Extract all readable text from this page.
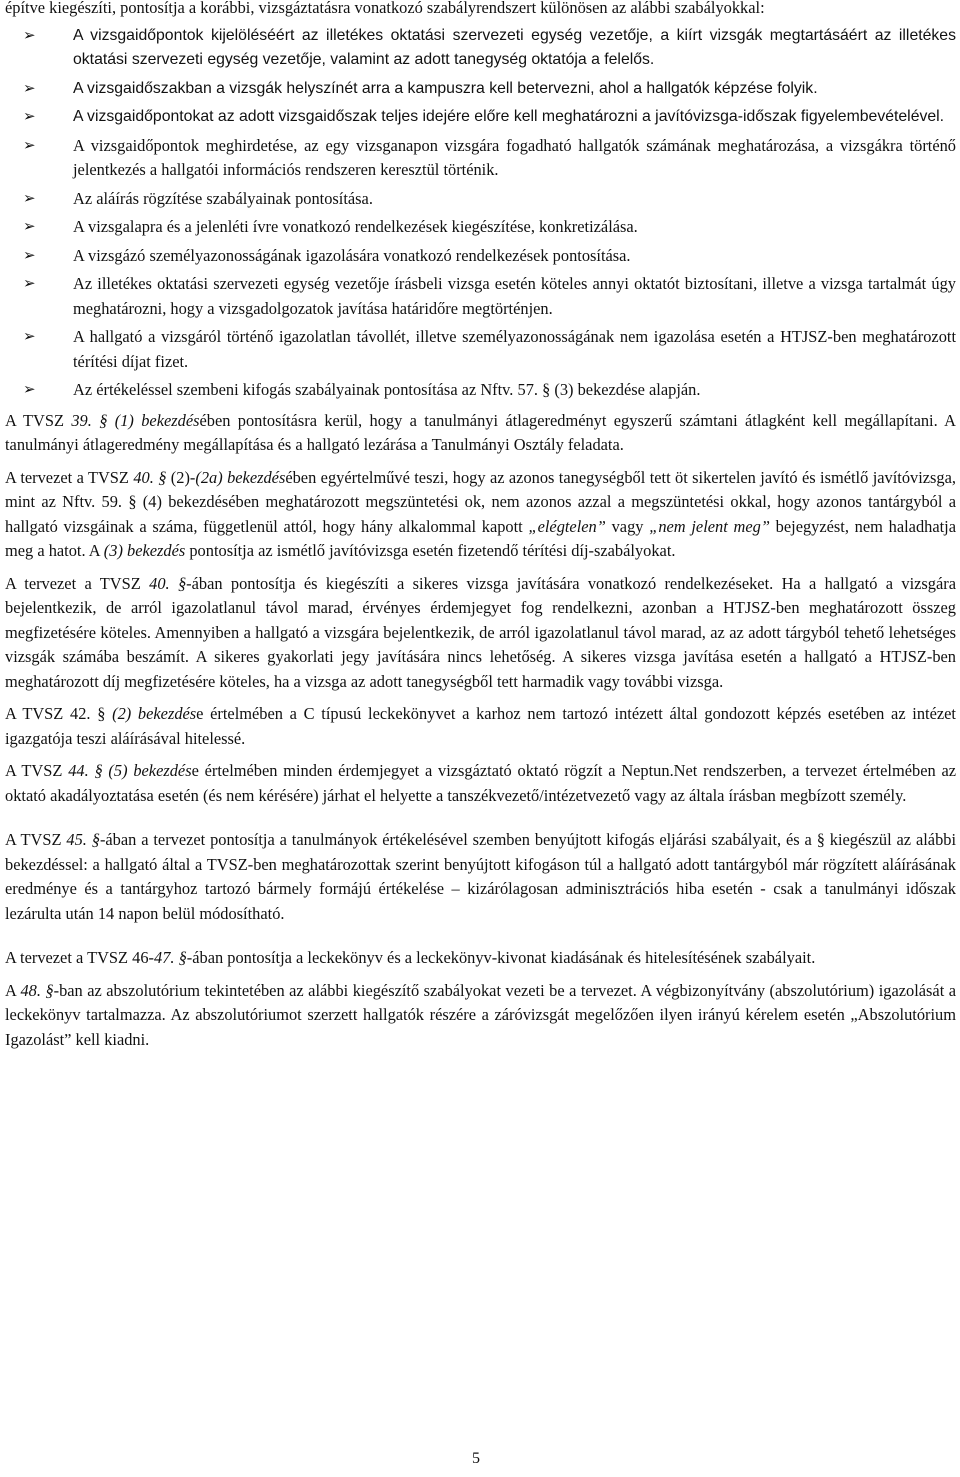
építve kiegészíti, pontosítja a korábbi, vizsgáztatásra vonatkozó szabályrendszert különösen az alábbi szabályokkal:

➢ A vizsgaidőpontok kijelöléséért az illetékes oktatási szervezeti egység vezetője, a kiírt vizsgák megtartásáért az illetékes oktatási szervezeti egység vezetője, valamint az adott tanegység oktatója a felelős.
➢ A vizsgaidőszakban a vizsgák helyszínét arra a kampuszra kell betervezni, ahol a hallgatók képzése folyik.
➢ A vizsgaidőpontokat az adott vizsgaidőszak teljes idejére előre kell meghatározni a javítóvizsga-időszak figyelembevételével.
➢ A vizsgaidőpontok meghirdetése, az egy vizsganapon vizsgára fogadható hallgatók számának meghatározása, a vizsgákra történő jelentkezés a hallgatói információs rendszeren keresztül történik.
➢ Az aláírás rögzítése szabályainak pontosítása.
➢ A vizsgalapra és a jelenléti ívre vonatkozó rendelkezések kiegészítése, konkretizálása.
➢ A vizsgázó személyazonosságának igazolására vonatkozó rendelkezések pontosítása.
➢ Az illetékes oktatási szervezeti egység vezetője írásbeli vizsga esetén köteles annyi oktatót biztosítani, illetve a vizsga tartalmát úgy meghatározni, hogy a vizsgadolgozatok javítása határidőre megtörténjen.
➢ A hallgató a vizsgáról történő igazolatlan távollét, illetve személyazonosságának nem igazolása esetén a HTJSZ-ben meghatározott térítési díjat fizet.
➢ Az értékeléssel szembeni kifogás szabályainak pontosítása az Nftv. 57. § (3) bekezdése alapján.

A TVSZ 39. § (1) bekezdésében pontosításra kerül, hogy a tanulmányi átlageredményt egyszerű számtani átlagként kell megállapítani. A tanulmányi átlageredmény megállapítása és a hallgató lezárása a Tanulmányi Osztály feladata.

A tervezet a TVSZ 40. § (2)-(2a) bekezdésében egyértelművé teszi, hogy az azonos tanegységből tett öt sikertelen javító és ismétlő javítóvizsga, mint az Nftv. 59. § (4) bekezdésében meghatározott megszüntetési ok, nem azonos azzal a megszüntetési okkal, hogy azonos tantárgyból a hallgató vizsgáinak a száma, függetlenül attól, hogy hány alkalommal kapott „elégtelen” vagy „nem jelent meg” bejegyzést, nem haladhatja meg a hatot. A (3) bekezdés pontosítja az ismétlő javítóvizsga esetén fizetendő térítési díj-szabályokat.

A tervezet a TVSZ 40. §-ában pontosítja és kiegészíti a sikeres vizsga javítására vonatkozó rendelkezéseket. Ha a hallgató a vizsgára bejelentkezik, de arról igazolatlanul távol marad, érvényes érdemjegyet fog rendelkezni, azonban a HTJSZ-ben meghatározott összeg megfizetésére köteles. Amennyiben a hallgató a vizsgára bejelentkezik, de arról igazolatlanul távol marad, az az adott tárgyból tehető lehetséges vizsgák számába beszámít. A sikeres gyakorlati jegy javítására nincs lehetőség. A sikeres vizsga javítása esetén a hallgató a HTJSZ-ben meghatározott díj megfizetésére köteles, ha a vizsga az adott tanegységből tett harmadik vagy további vizsga.

A TVSZ 42. § (2) bekezdése értelmében a C típusú leckekönyvet a karhoz nem tartozó intézett által gondozott képzés esetében az intézet igazgatója teszi aláírásával hitelessé.

A TVSZ 44. § (5) bekezdése értelmében minden érdemjegyet a vizsgáztató oktató rögzít a Neptun.Net rendszerben, a tervezet értelmében az oktató akadályoztatása esetén (és nem kérésére) járhat el helyette a tanszékvezető/intézetvezető vagy az általa írásban megbízott személy.

A TVSZ 45. §-ában a tervezet pontosítja a tanulmányok értékelésével szemben benyújtott kifogás eljárási szabályait, és a § kiegészül az alábbi bekezdéssel: a hallgató által a TVSZ-ben meghatározottak szerint benyújtott kifogáson túl a hallgató adott tantárgyból már rögzített aláírásának eredménye és a tantárgyhoz tartozó bármely formájú értékelése – kizárólagosan adminisztrációs hiba esetén - csak a tanulmányi időszak lezárulta után 14 napon belül módosítható.

A tervezet a TVSZ 46-47. §-ában pontosítja a leckekönyv és a leckekönyv-kivonat kiadásának és hitelesítésének szabályait.

A 48. §-ban az abszolutórium tekintetében az alábbi kiegészítő szabályokat vezeti be a tervezet. A végbizonyítvány (abszolutórium) igazolását a leckekönyv tartalmazza. Az abszolutóriumot szerzett hallgatók részére a záróvizsgát megelőzően ilyen irányú kérelem esetén „Abszolutórium Igazolást” kell kiadni.

5
